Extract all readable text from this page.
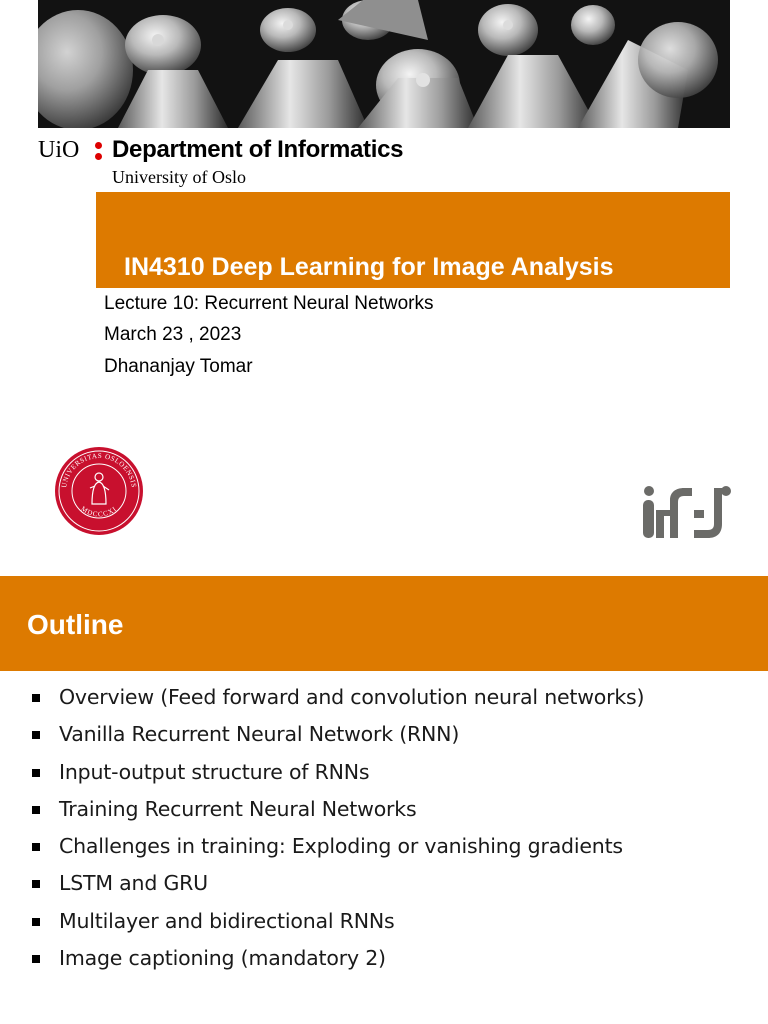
UiO Department of Informatics
University of Oslo
IN4310 Deep Learning for Image Analysis
Lecture 10: Recurrent Neural Networks
March 23 , 2023
Dhananjay Tomar
UNIVERSITAS OSLOENSIS
MDCCCXI
Outline
Overview (Feed forward and convolution neural networks)
Vanilla Recurrent Neural Network (RNN)
Input-output structure of RNNs
Training Recurrent Neural Networks
Challenges in training: Exploding or vanishing gradients
LSTM and GRU
Multilayer and bidirectional RNNs
Image captioning (mandatory 2)
